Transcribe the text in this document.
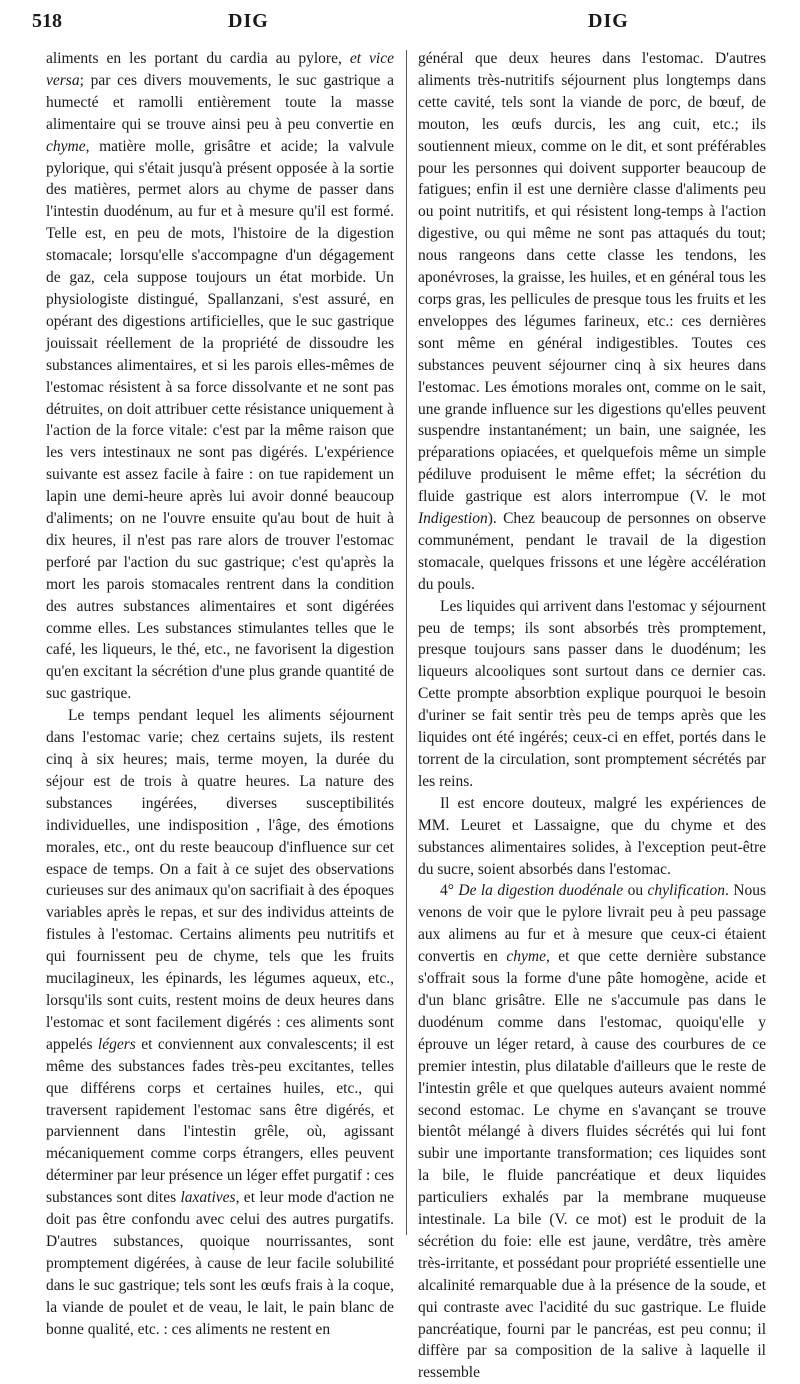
518	DIG	DIG

aliments en les portant du cardia au pylore, et vice versa; par ces divers mouvements, le suc gastrique a humecté et ramolli entièrement toute la masse alimentaire qui se trouve ainsi peu à peu convertie en chyme, matière molle, grisâtre et acide; la valvule pylorique, qui s'était jusqu'à présent opposée à la sortie des matières, permet alors au chyme de passer dans l'intestin duodénum, au fur et à mesure qu'il est formé. Telle est, en peu de mots, l'histoire de la digestion stomacale; lorsqu'elle s'accompagne d'un dégagement de gaz, cela suppose toujours un état morbide. Un physiologiste distingué, Spallanzani, s'est assuré, en opérant des digestions artificielles, que le suc gastrique jouissait réellement de la propriété de dissoudre les substances alimentaires, et si les parois elles-mêmes de l'estomac résistent à sa force dissolvante et ne sont pas détruites, on doit attribuer cette résistance uniquement à l'action de la force vitale: c'est par la même raison que les vers intestinaux ne sont pas digérés. L'expérience suivante est assez facile à faire : on tue rapidement un lapin une demi-heure après lui avoir donné beaucoup d'aliments; on ne l'ouvre ensuite qu'au bout de huit à dix heures, il n'est pas rare alors de trouver l'estomac perforé par l'action du suc gastrique; c'est qu'après la mort les parois stomacales rentrent dans la condition des autres substances alimentaires et sont digérées comme elles. Les substances stimulantes telles que le café, les liqueurs, le thé, etc., ne favorisent la digestion qu'en excitant la sécrétion d'une plus grande quantité de suc gastrique.

Le temps pendant lequel les aliments séjournent dans l'estomac varie; chez certains sujets, ils restent cinq à six heures; mais, terme moyen, la durée du séjour est de trois à quatre heures. La nature des substances ingérées, diverses susceptibilités individuelles, une indisposition , l'âge, des émotions morales, etc., ont du reste beaucoup d'influence sur cet espace de temps. On a fait à ce sujet des observations curieuses sur des animaux qu'on sacrifiait à des époques variables après le repas, et sur des individus atteints de fistules à l'estomac. Certains aliments peu nutritifs et qui fournissent peu de chyme, tels que les fruits mucilagineux, les épinards, les légumes aqueux, etc., lorsqu'ils sont cuits, restent moins de deux heures dans l'estomac et sont facilement digérés : ces aliments sont appelés légers et conviennent aux convalescents; il est même des substances fades très-peu excitantes, telles que différens corps et certaines huiles, etc., qui traversent rapidement l'estomac sans être digérés, et parviennent dans l'intestin grêle, où, agissant mécaniquement comme corps étrangers, elles peuvent déterminer par leur présence un léger effet purgatif : ces substances sont dites laxatives, et leur mode d'action ne doit pas être confondu avec celui des autres purgatifs. D'autres substances, quoique nourrissantes, sont promptement digérées, à cause de leur facile solubilité dans le suc gastrique; tels sont les œufs frais à la coque, la viande de poulet et de veau, le lait, le pain blanc de bonne qualité, etc. : ces aliments ne restent en

général que deux heures dans l'estomac. D'autres aliments très-nutritifs séjournent plus longtemps dans cette cavité, tels sont la viande de porc, de bœuf, de mouton, les œufs durcis, les ang cuit, etc.; ils soutiennent mieux, comme on le dit, et sont préférables pour les personnes qui doivent supporter beaucoup de fatigues; enfin il est une dernière classe d'aliments peu ou point nutritifs, et qui résistent long-temps à l'action digestive, ou qui même ne sont pas attaqués du tout; nous rangeons dans cette classe les tendons, les aponévroses, la graisse, les huiles, et en général tous les corps gras, les pellicules de presque tous les fruits et les enveloppes des légumes farineux, etc.: ces dernières sont même en général indigestibles. Toutes ces substances peuvent séjourner cinq à six heures dans l'estomac. Les émotions morales ont, comme on le sait, une grande influence sur les digestions qu'elles peuvent suspendre instantanément; un bain, une saignée, les préparations opiacées, et quelquefois même un simple pédiluve produisent le même effet; la sécrétion du fluide gastrique est alors interrompue (V. le mot Indigestion). Chez beaucoup de personnes on observe communément, pendant le travail de la digestion stomacale, quelques frissons et une légère accélération du pouls.

Les liquides qui arrivent dans l'estomac y séjournent peu de temps; ils sont absorbés très promptement, presque toujours sans passer dans le duodénum; les liqueurs alcooliques sont surtout dans ce dernier cas. Cette prompte absorbtion explique pourquoi le besoin d'uriner se fait sentir très peu de temps après que les liquides ont été ingérés; ceux-ci en effet, portés dans le torrent de la circulation, sont promptement sécrétés par les reins.

Il est encore douteux, malgré les expériences de MM. Leuret et Lassaigne, que du chyme et des substances alimentaires solides, à l'exception peut-être du sucre, soient absorbés dans l'estomac.

4° De la digestion duodénale ou chylification. Nous venons de voir que le pylore livrait peu à peu passage aux alimens au fur et à mesure que ceux-ci étaient convertis en chyme, et que cette dernière substance s'offrait sous la forme d'une pâte homogène, acide et d'un blanc grisâtre. Elle ne s'accumule pas dans le duodénum comme dans l'estomac, quoiqu'elle y éprouve un léger retard, à cause des courbures de ce premier intestin, plus dilatable d'ailleurs que le reste de l'intestin grêle et que quelques auteurs avaient nommé second estomac. Le chyme en s'avançant se trouve bientôt mélangé à divers fluides sécrétés qui lui font subir une importante transformation; ces liquides sont la bile, le fluide pancréatique et deux liquides particuliers exhalés par la membrane muqueuse intestinale. La bile (V. ce mot) est le produit de la sécrétion du foie: elle est jaune, verdâtre, très amère très-irritante, et possédant pour propriété essentielle une alcalinité remarquable due à la présence de la soude, et qui contraste avec l'acidité du suc gastrique. Le fluide pancréatique, fourni par le pancréas, est peu connu; il diffère par sa composition de la salive à laquelle il ressemble
